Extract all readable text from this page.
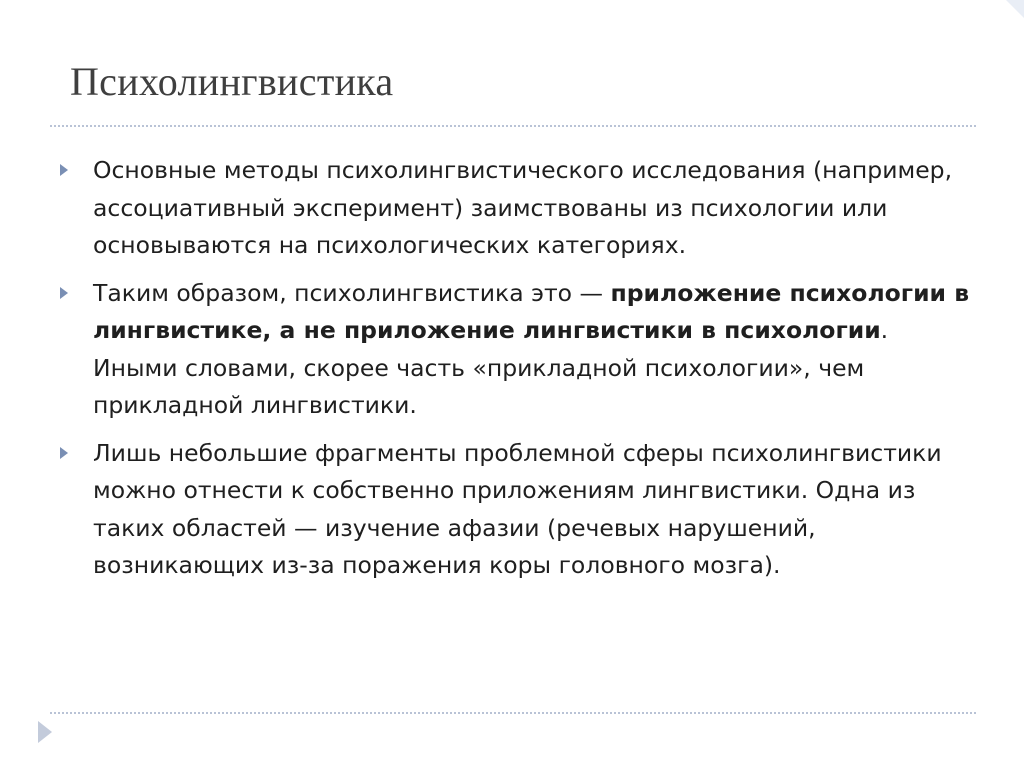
Психолингвистика
Основные методы психолингвистического исследования (например, ассоциативный эксперимент) заимствованы из психологии или основываются на психологических категориях.
Таким образом, психолингвистика это — приложение психологии в лингвистике, а не приложение лингвистики в психологии. Иными словами, скорее часть «прикладной психологии», чем прикладной лингвистики.
Лишь небольшие фрагменты проблемной сферы психолингвистики можно отнести к собственно приложениям лингвистики. Одна из таких областей — изучение афазии (речевых нарушений, возникающих из-за поражения коры головного мозга).
